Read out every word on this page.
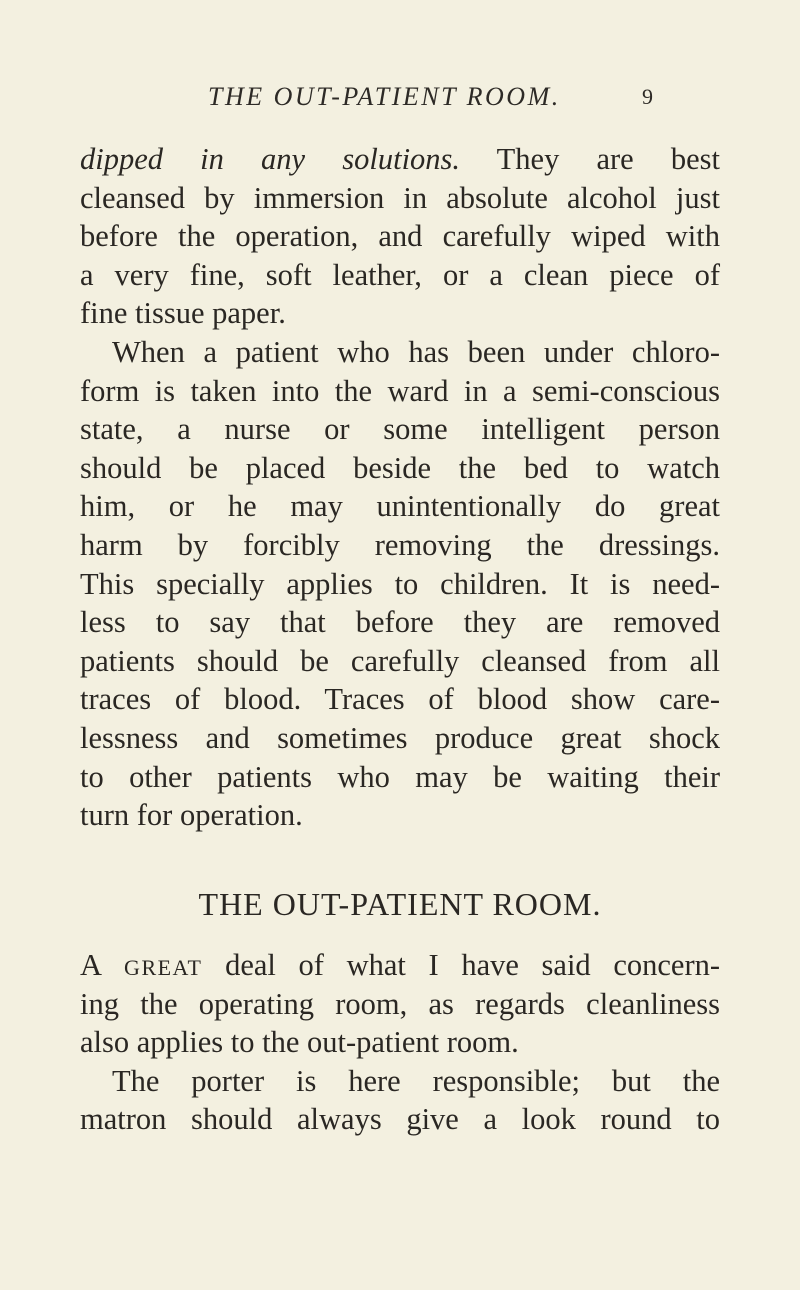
THE OUT-PATIENT ROOM.	9
dipped in any solutions. They are best
cleansed by immersion in absolute alcohol just
before the operation, and carefully wiped with
a very fine, soft leather, or a clean piece of
fine tissue paper.
When a patient who has been under chloro-
form is taken into the ward in a semi-conscious
state, a nurse or some intelligent person
should be placed beside the bed to watch
him, or he may unintentionally do great
harm by forcibly removing the dressings.
This specially applies to children. It is need-
less to say that before they are removed
patients should be carefully cleansed from all
traces of blood. Traces of blood show care-
lessness and sometimes produce great shock
to other patients who may be waiting their
turn for operation.
THE OUT-PATIENT ROOM.
A GREAT deal of what I have said concern-
ing the operating room, as regards cleanliness
also applies to the out-patient room.
The porter is here responsible; but the
matron should always give a look round to
